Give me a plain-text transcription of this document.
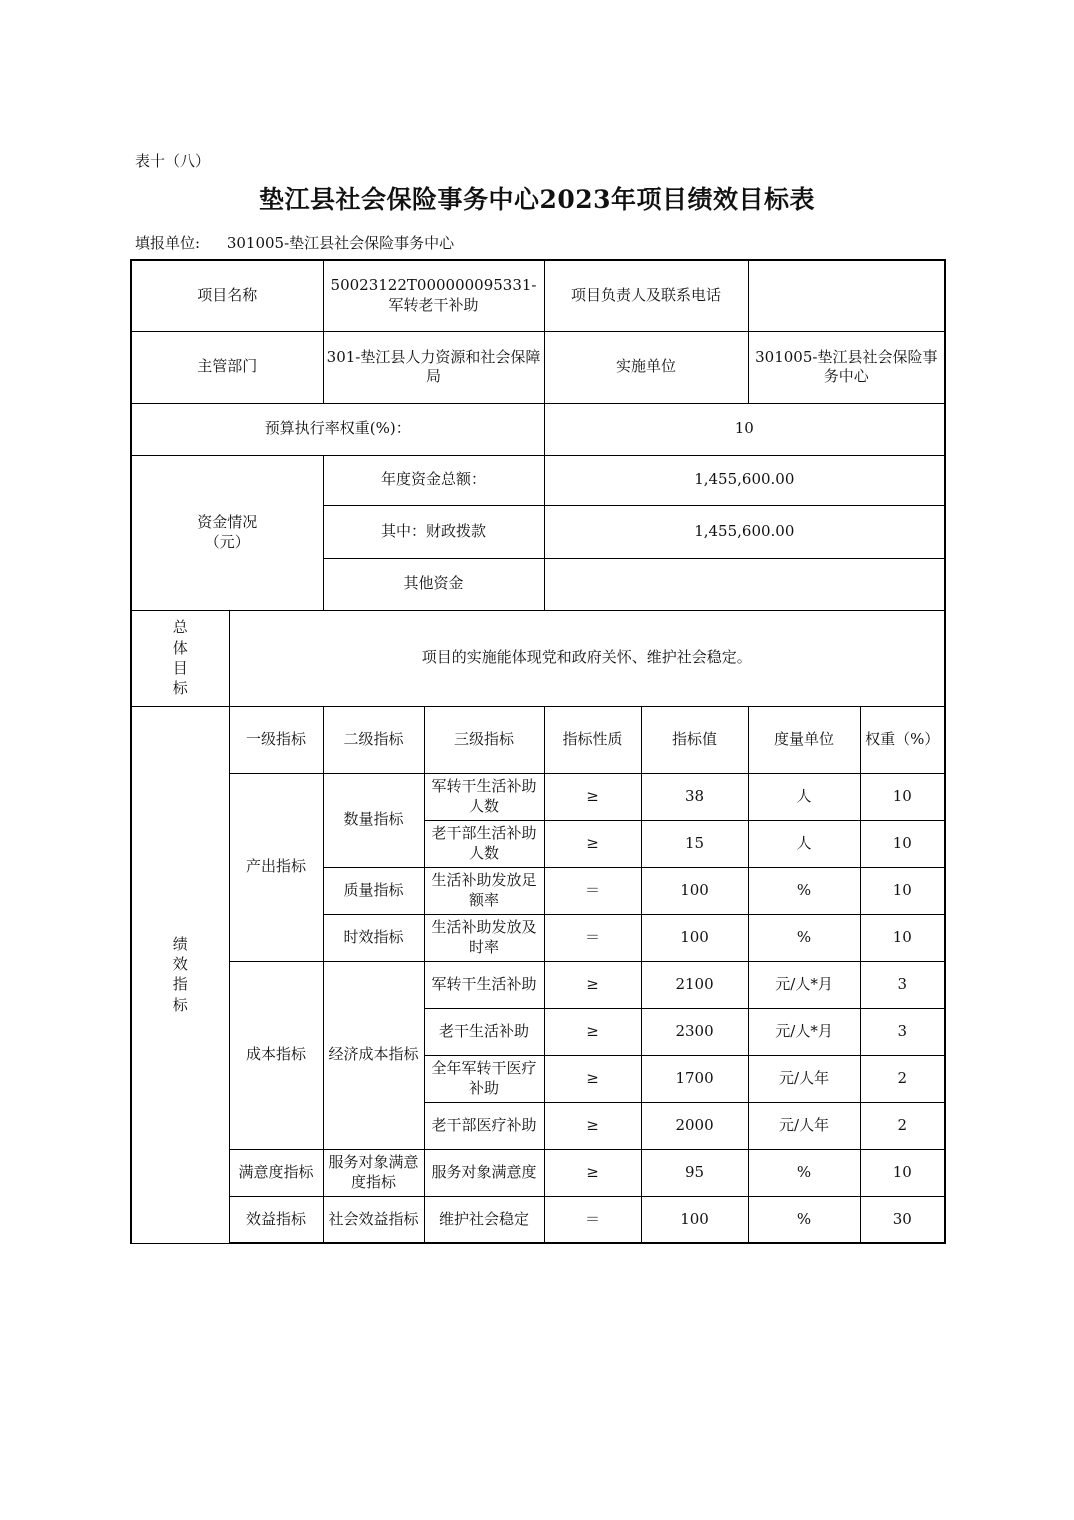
表十（八）
垫江县社会保险事务中心2023年项目绩效目标表
填报单位: 301005-垫江县社会保险事务中心
项目名称		50023122T000000095331-军转老干补助		项目负责人及联系电话			
主管部门		301-垫江县人力资源和社会保障局		实施单位		301005-垫江县社会保险事务中心	
预算执行率权重(%)：				10			

资金情况（元）		年度资金总额：		1,455,600.00			
		其中：财政拨款		1,455,600.00			
		其他资金					
总体目标	项目的实施能体现党和政府关怀、维护社会稳定。						
绩效指标	一级指标	二级指标	三级指标	指标性质	指标值	度量单位	权重（%）
	产出指标	数量指标	军转干生活补助人数	≥	38	人	10
			老干部生活补助人数	≥	15	人	10
		质量指标	生活补助发放足额率	＝	100	%	10
		时效指标	生活补助发放及时率	＝	100	%	10
	成本指标	经济成本指标	军转干生活补助	≥	2100	元/人*月	3
			老干生活补助	≥	2300	元/人*月	3
			全年军转干医疗补助	≥	1700	元/人年	2
			老干部医疗补助	≥	2000	元/人年	2
	满意度指标	服务对象满意度指标	服务对象满意度	≥	95	%	10
	效益指标	社会效益指标	维护社会稳定	＝	100	%	30
